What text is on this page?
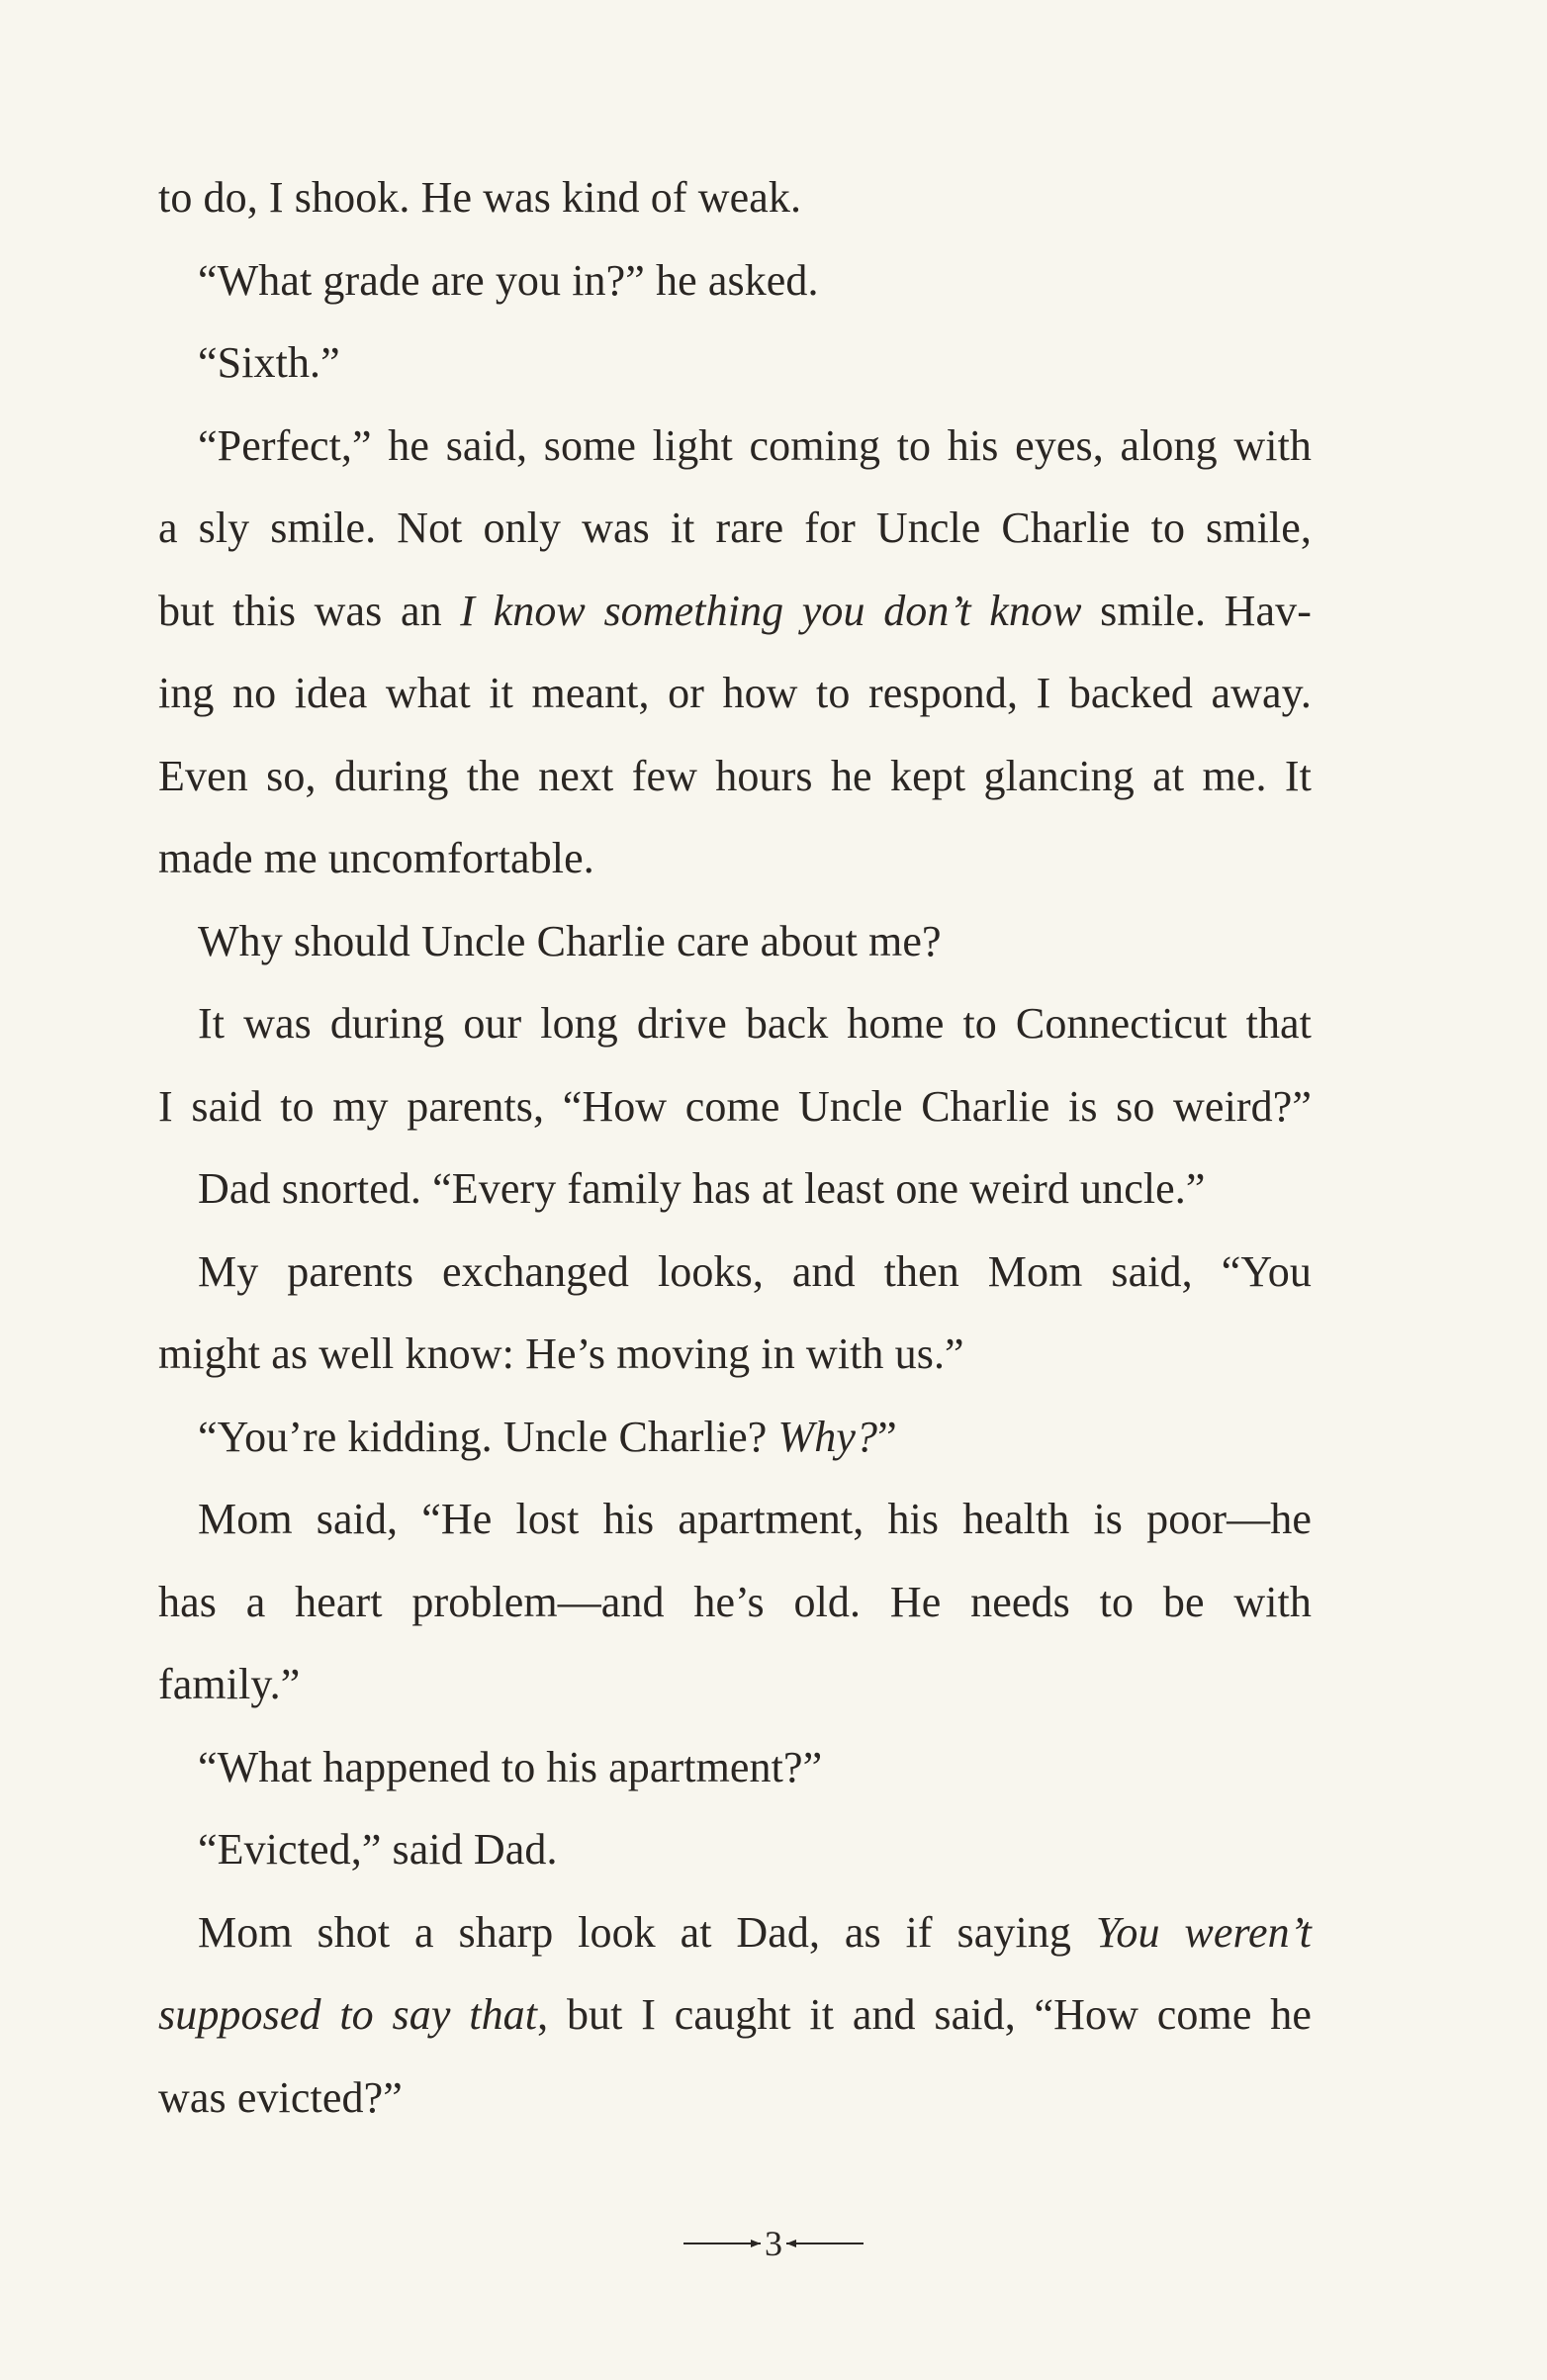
to do, I shook. He was kind of weak.
“What grade are you in?” he asked.
“Sixth.”
“Perfect,” he said, some light coming to his eyes, along with
a sly smile. Not only was it rare for Uncle Charlie to smile,
but this was an I know something you don’t know smile. Hav-
ing no idea what it meant, or how to respond, I backed away.
Even so, during the next few hours he kept glancing at me. It
made me uncomfortable.
Why should Uncle Charlie care about me?
It was during our long drive back home to Connecticut that
I said to my parents, “How come Uncle Charlie is so weird?”
Dad snorted. “Every family has at least one weird uncle.”
My parents exchanged looks, and then Mom said, “You
might as well know: He’s moving in with us.”
“You’re kidding. Uncle Charlie? Why?”
Mom said, “He lost his apartment, his health is poor—he
has a heart problem—and he’s old. He needs to be with
family.”
“What happened to his apartment?”
“Evicted,” said Dad.
Mom shot a sharp look at Dad, as if saying You weren’t
supposed to say that, but I caught it and said, “How come he
was evicted?”
3
